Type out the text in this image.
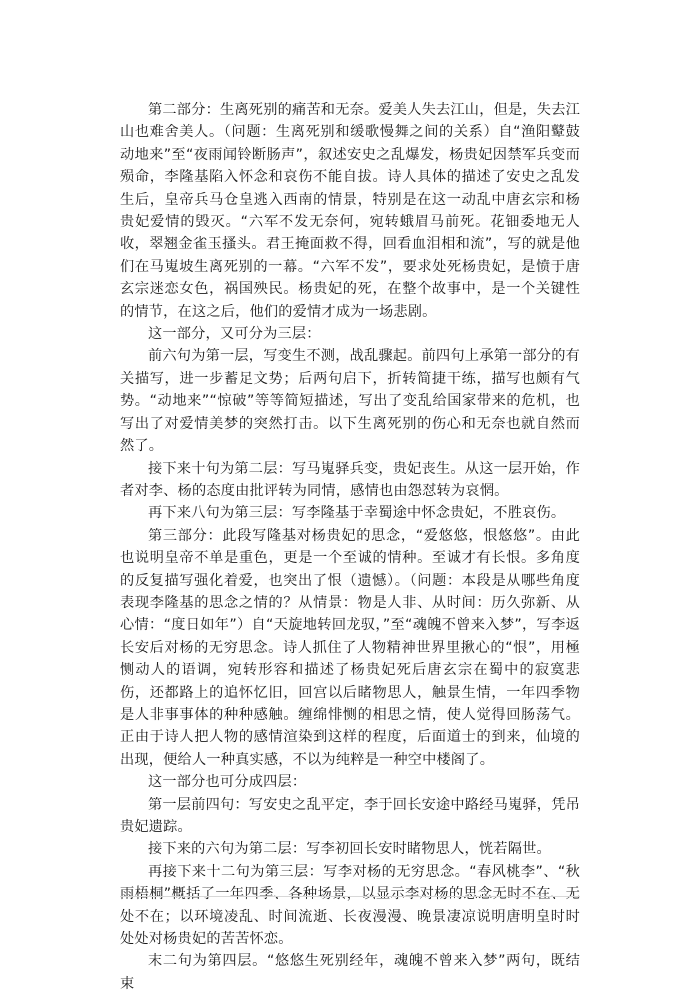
第二部分：生离死别的痛苦和无奈。爱美人失去江山，但是，失去江山也难舍美人。（问题：生离死别和缓歌慢舞之间的关系）自“渔阳鼙鼓动地来”至“夜雨闻铃断肠声”，叙述安史之乱爆发，杨贵妃因禁军兵变而殒命，李隆基陷入怀念和哀伤不能自拔。诗人具体的描述了安史之乱发生后，皇帝兵马仓皇逃入西南的情景，特别是在这一动乱中唐玄宗和杨贵妃爱情的毁灭。“六军不发无奈何，宛转蛾眉马前死。花钿委地无人收，翠翘金雀玉搔头。君王掩面救不得，回看血泪相和流”，写的就是他们在马嵬坡生离死别的一幕。“六军不发”，要求处死杨贵妃，是愤于唐玄宗迷恋女色，祸国殃民。杨贵妃的死，在整个故事中，是一个关键性的情节，在这之后，他们的爱情才成为一场悲剧。

这一部分，又可分为三层：

前六句为第一层，写变生不测，战乱骤起。前四句上承第一部分的有关描写，进一步蓄足文势；后两句启下，折转简捷干练，描写也颇有气势。“动地来”“惊破”等等简短描述，写出了变乱给国家带来的危机，也写出了对爱情美梦的突然打击。以下生离死别的伤心和无奈也就自然而然了。

接下来十句为第二层：写马嵬驿兵变，贵妃丧生。从这一层开始，作者对李、杨的态度由批评转为同情，感情也由怨怼转为哀惘。

再下来八句为第三层：写李隆基于幸蜀途中怀念贵妃，不胜哀伤。

第三部分：此段写隆基对杨贵妃的思念，“爱悠悠，恨悠悠”。由此也说明皇帝不单是重色，更是一个至诚的情种。至诚才有长恨。多角度的反复描写强化着爱，也突出了恨（遗憾）。（问题：本段是从哪些角度表现李隆基的思念之情的？从情景：物是人非、从时间：历久弥新、从心情：“度日如年”）自“天旋地转回龙驭，”至“魂魄不曾来入梦”，写李返长安后对杨的无穷思念。诗人抓住了人物精神世界里揪心的“恨”，用極恻动人的语调，宛转形容和描述了杨贵妃死后唐玄宗在蜀中的寂寞悲伤，还都路上的追怀忆旧，回宫以后睹物思人，触景生情，一年四季物是人非事事体的种种感触。缠绵悱恻的相思之情，使人觉得回肠荡气。正由于诗人把人物的感情渲染到这样的程度，后面道士的到来，仙境的出现，便给人一种真实感，不以为纯粹是一种空中楼阁了。

这一部分也可分成四层：

第一层前四句：写安史之乱平定，李于回长安途中路经马嵬驿，凭吊贵妃遗踪。

接下来的六句为第二层：写李初回长安时睹物思人，恍若隔世。

再接下来十二句为第三层：写李对杨的无穷思念。“春风桃李”、“秋雨梧桐”概括了一年四季、各种场景，以显示李对杨的思念无时不在、无处不在；以环境凌乱、时间流逝、长夜漫漫、晚景凄凉说明唐明皇时时处处对杨贵妃的苦苦怀恋。

末二句为第四层。“悠悠生死别经年，魂魄不曾来入梦”两句，既结束
